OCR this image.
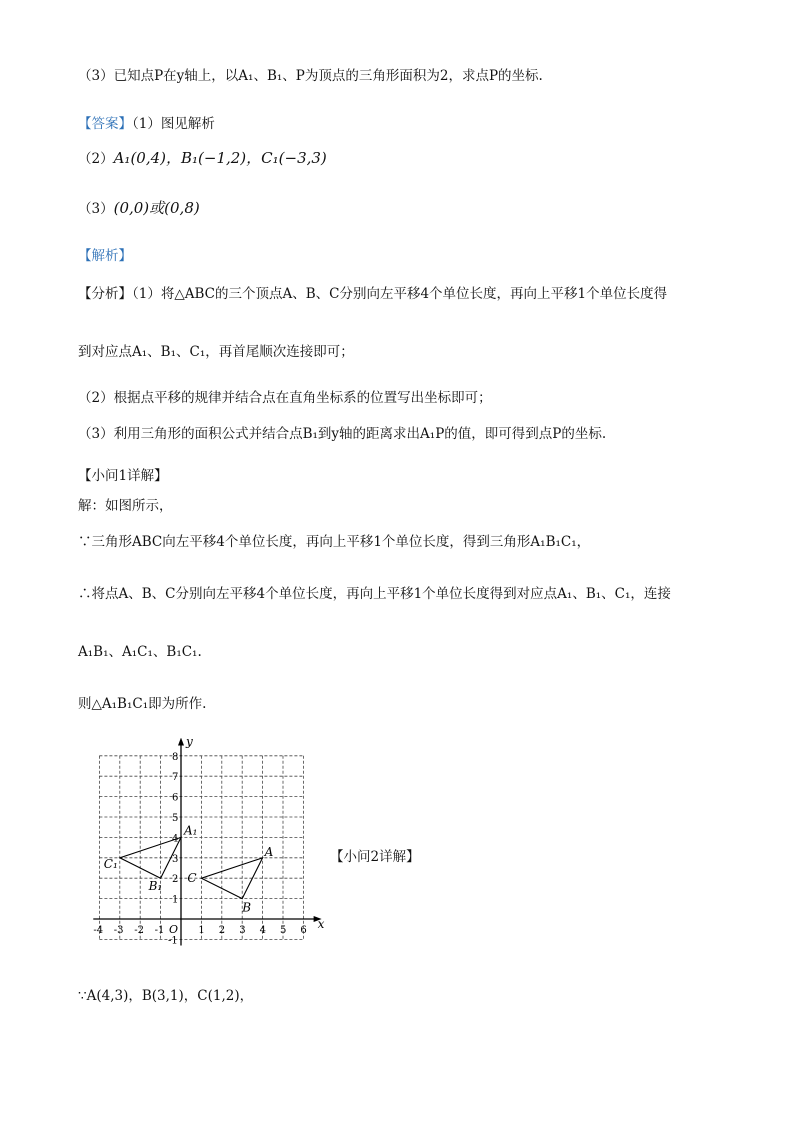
（3）已知点P在y轴上，以A₁、B₁、P为顶点的三角形面积为2，求点P的坐标.
【答案】（1）图见解析
（2）A₁(0,4)，B₁(−1,2)，C₁(−3,3)
（3）(0,0)或(0,8)
【解析】
【分析】（1）将△ABC的三个顶点A、B、C分别向左平移4个单位长度，再向上平移1个单位长度得
到对应点A₁、B₁、C₁，再首尾顺次连接即可；
（2）根据点平移的规律并结合点在直角坐标系的位置写出坐标即可；
（3）利用三角形的面积公式并结合点B₁到y轴的距离求出A₁P的值，即可得到点P的坐标.
【小问1详解】
解：如图所示，
∵三角形ABC向左平移4个单位长度，再向上平移1个单位长度，得到三角形A₁B₁C₁，
∴将点A、B、C分别向左平移4个单位长度，再向上平移1个单位长度得到对应点A₁、B₁、C₁，连接
A₁B₁、A₁C₁、B₁C₁.
则△A₁B₁C₁即为所作.
x
y
-4 -3 -2 -1	1 2 3 4 5 6
-1
1
2
3
4
5
6
7
8
O
A
B
C
A₁
B₁
C₁	【小问2详解】
∵A(4,3)，B(3,1)，C(1,2)，
